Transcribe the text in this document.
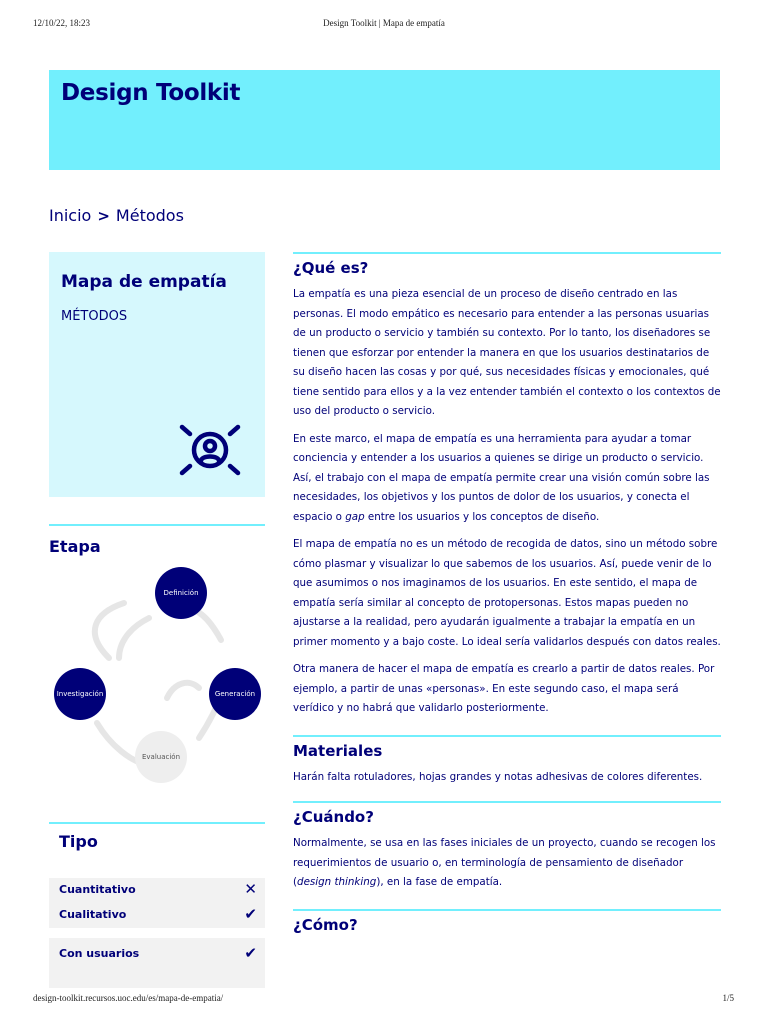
12/10/22, 18:23	Design Toolkit | Mapa de empatía
Design Toolkit
Inicio > Métodos
Mapa de empatía
MÉTODOS
Etapa
Definición
Generación
Evaluación
Investigación
Tipo
Cuantitativo	✕
Cualitativo	✔
Con usuarios	✔
¿Qué es?

La empatía es una pieza esencial de un proceso de diseño centrado en las personas. El modo empático es necesario para entender a las personas usuarias de un producto o servicio y también su contexto. Por lo tanto, los diseñadores se tienen que esforzar por entender la manera en que los usuarios destinatarios de su diseño hacen las cosas y por qué, sus necesidades físicas y emocionales, qué tiene sentido para ellos y a la vez entender también el contexto o los contextos de uso del producto o servicio.

En este marco, el mapa de empatía es una herramienta para ayudar a tomar conciencia y entender a los usuarios a quienes se dirige un producto o servicio. Así, el trabajo con el mapa de empatía permite crear una visión común sobre las necesidades, los objetivos y los puntos de dolor de los usuarios, y conecta el espacio o gap entre los usuarios y los conceptos de diseño.

El mapa de empatía no es un método de recogida de datos, sino un método sobre cómo plasmar y visualizar lo que sabemos de los usuarios. Así, puede venir de lo que asumimos o nos imaginamos de los usuarios. En este sentido, el mapa de empatía sería similar al concepto de protopersonas. Estos mapas pueden no ajustarse a la realidad, pero ayudarán igualmente a trabajar la empatía en un primer momento y a bajo coste. Lo ideal sería validarlos después con datos reales.

Otra manera de hacer el mapa de empatía es crearlo a partir de datos reales. Por ejemplo, a partir de unas «personas». En este segundo caso, el mapa será verídico y no habrá que validarlo posteriormente.

Materiales

Harán falta rotuladores, hojas grandes y notas adhesivas de colores diferentes.

¿Cuándo?

Normalmente, se usa en las fases iniciales de un proyecto, cuando se recogen los requerimientos de usuario o, en terminología de pensamiento de diseñador (design thinking), en la fase de empatía.

¿Cómo?
design-toolkit.recursos.uoc.edu/es/mapa-de-empatia/	1/5
